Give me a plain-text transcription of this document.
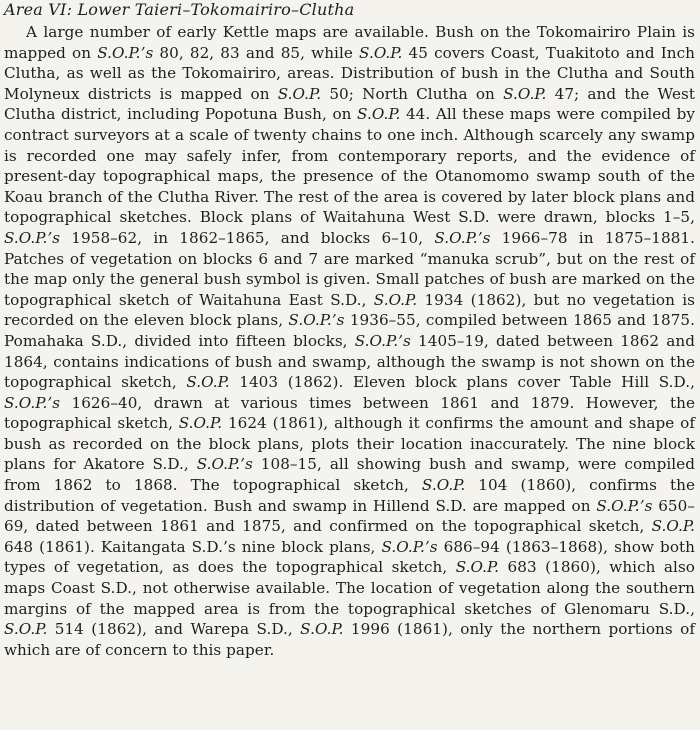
Area VI: Lower Taieri–Tokomairiro–Clutha

A large number of early Kettle maps are available. Bush on the Tokomairiro Plain is mapped on S.O.P.’s 80, 82, 83 and 85, while S.O.P. 45 covers Coast, Tuakitoto and Inch Clutha, as well as the Tokomairiro, areas. Distribution of bush in the Clutha and South Molyneux districts is mapped on S.O.P. 50; North Clutha on S.O.P. 47; and the West Clutha district, including Popotuna Bush, on S.O.P. 44. All these maps were compiled by contract surveyors at a scale of twenty chains to one inch. Although scarcely any swamp is recorded one may safely infer, from contemporary reports, and the evidence of present-day topographical maps, the presence of the Otanomomo swamp south of the Koau branch of the Clutha River. The rest of the area is covered by later block plans and topographical sketches. Block plans of Waitahuna West S.D. were drawn, blocks 1–5, S.O.P.’s 1958–62, in 1862–1865, and blocks 6–10, S.O.P.’s 1966–78 in 1875–1881. Patches of vegetation on blocks 6 and 7 are marked “manuka scrub”, but on the rest of the map only the general bush symbol is given. Small patches of bush are marked on the topographical sketch of Waitahuna East S.D., S.O.P. 1934 (1862), but no vegetation is recorded on the eleven block plans, S.O.P.’s 1936–55, compiled between 1865 and 1875. Pomahaka S.D., divided into fifteen blocks, S.O.P.’s 1405–19, dated between 1862 and 1864, contains indications of bush and swamp, although the swamp is not shown on the topographical sketch, S.O.P. 1403 (1862). Eleven block plans cover Table Hill S.D., S.O.P.’s 1626–40, drawn at various times between 1861 and 1879. However, the topographical sketch, S.O.P. 1624 (1861), although it confirms the amount and shape of bush as recorded on the block plans, plots their location inaccurately. The nine block plans for Akatore S.D., S.O.P.’s 108–15, all showing bush and swamp, were compiled from 1862 to 1868. The topographical sketch, S.O.P. 104 (1860), confirms the distribution of vegetation. Bush and swamp in Hillend S.D. are mapped on S.O.P.’s 650–69, dated between 1861 and 1875, and confirmed on the topographical sketch, S.O.P. 648 (1861). Kaitangata S.D.’s nine block plans, S.O.P.’s 686–94 (1863–1868), show both types of vegetation, as does the topographical sketch, S.O.P. 683 (1860), which also maps Coast S.D., not otherwise available. The location of vegetation along the southern margins of the mapped area is from the topographical sketches of Glenomaru S.D., S.O.P. 514 (1862), and Warepa S.D., S.O.P. 1996 (1861), only the northern portions of which are of concern to this paper.
